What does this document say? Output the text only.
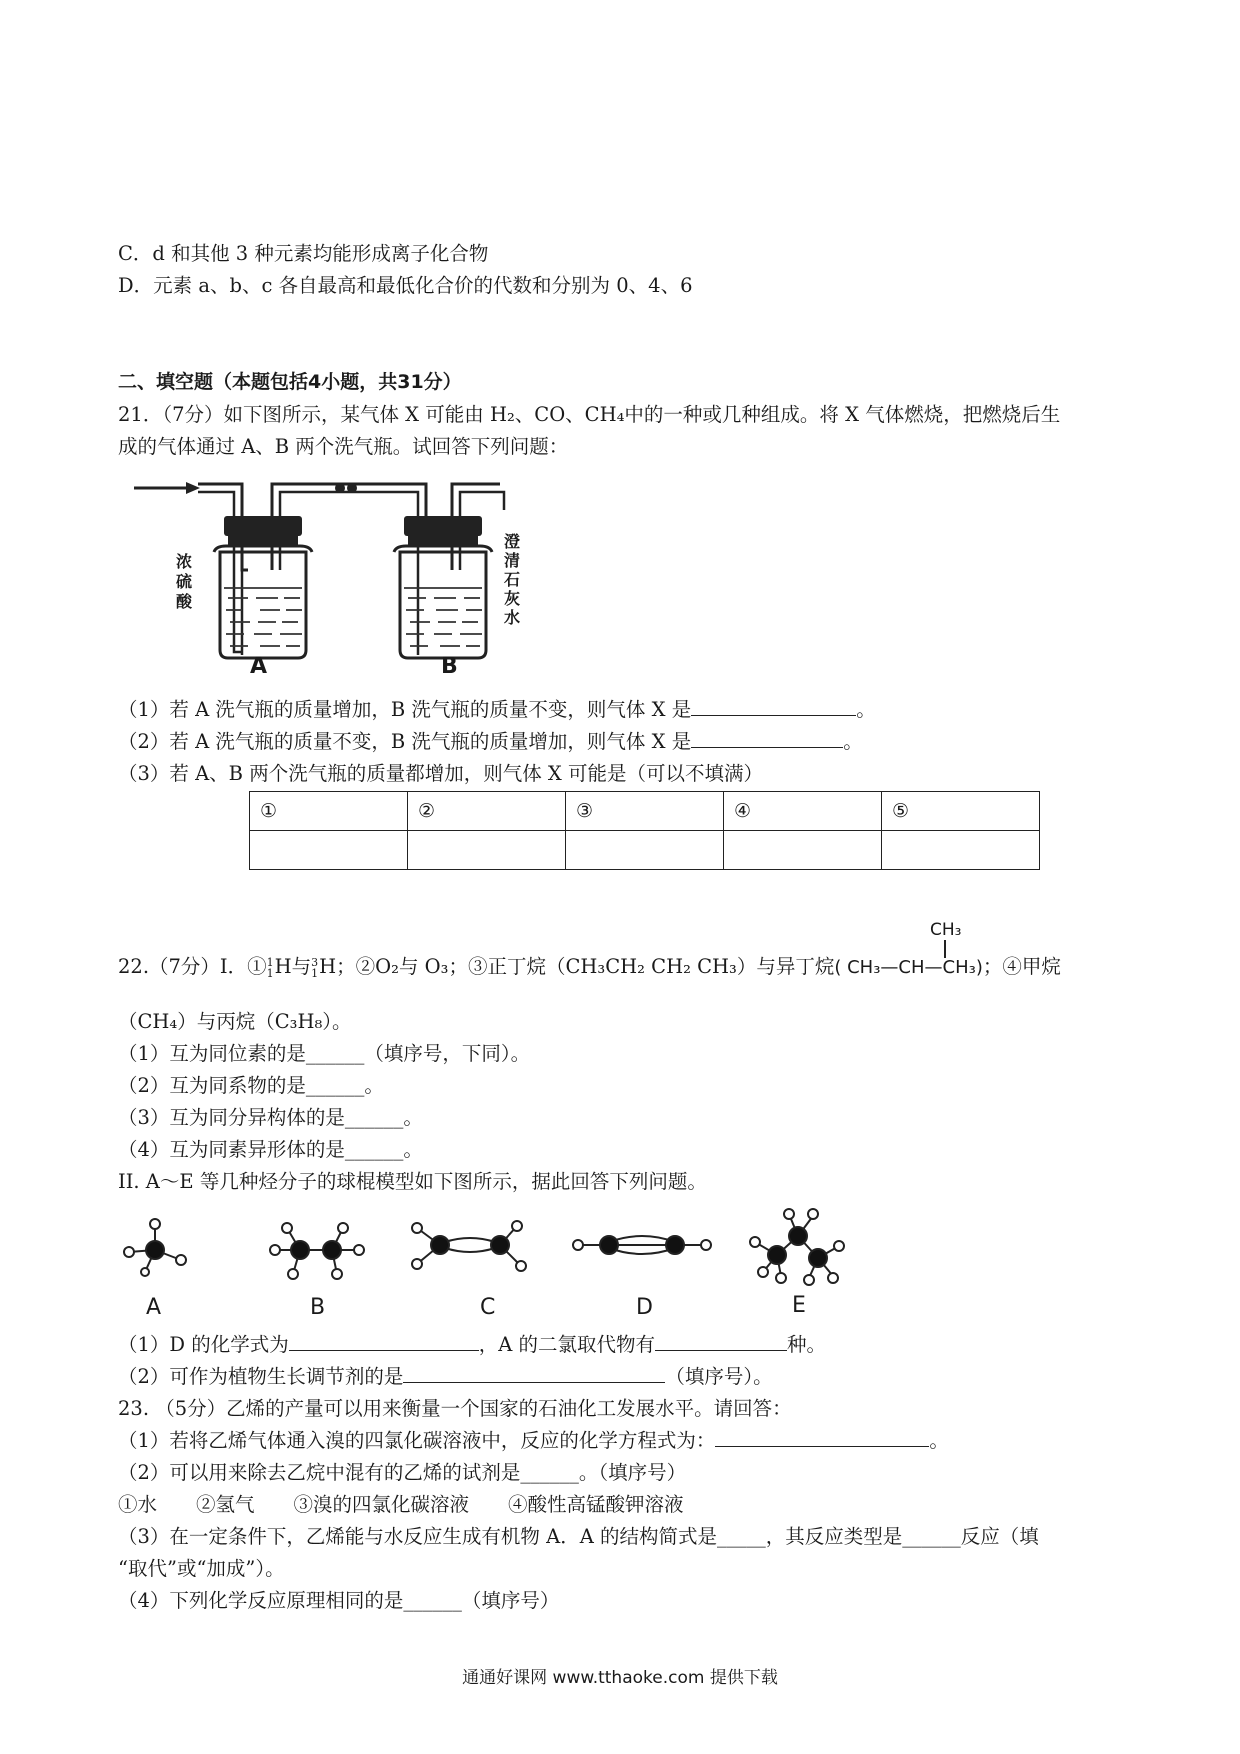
C．d 和其他 3 种元素均能形成离子化合物
D．元素 a、b、c 各自最高和最低化合价的代数和分别为 0、4、6
二、填空题（本题包括4小题，共31分）
21．（7分）如下图所示，某气体 X 可能由 H₂、CO、CH₄中的一种或几种组成。将 X 气体燃烧，把燃烧后生
成的气体通过 A、B 两个洗气瓶。试回答下列问题：
浓硫酸
澄清石灰水
A	B
（1）若 A 洗气瓶的质量增加，B 洗气瓶的质量不变，则气体 X 是	。
（2）若 A 洗气瓶的质量不变，B 洗气瓶的质量增加，则气体 X 是	。
（3）若 A、B 两个洗气瓶的质量都增加，则气体 X 可能是（可以不填满）
①	②	③	④	⑤

CH₃
22.（7分）Ⅰ．①1
1H与3
1H；②O₂与 O₃；③正丁烷（CH₃CH₂ CH₂ CH₃）与异丁烷( CH₃—CH—CH₃)；④甲烷
（CH₄）与丙烷（C₃H₈）。
（1）互为同位素的是______（填序号，下同）。
（2）互为同系物的是______。
（3）互为同分异构体的是______。
（4）互为同素异形体的是______。
II. A～E 等几种烃分子的球棍模型如下图所示，据此回答下列问题。
A	B	C	D	E
（1）D 的化学式为	，A 的二氯取代物有	种。
（2）可作为植物生长调节剂的是	（填序号）。
23. （5分）乙烯的产量可以用来衡量一个国家的石油化工发展水平。请回答：
（1）若将乙烯气体通入溴的四氯化碳溶液中，反应的化学方程式为：	。
（2）可以用来除去乙烷中混有的乙烯的试剂是______。（填序号）
①水　　②氢气　　③溴的四氯化碳溶液　　④酸性高锰酸钾溶液
（3）在一定条件下，乙烯能与水反应生成有机物 A．A 的结构简式是_____，其反应类型是______反应（填
“取代”或“加成”）。
（4）下列化学反应原理相同的是______（填序号）
通通好课网 www.tthaoke.com 提供下载
